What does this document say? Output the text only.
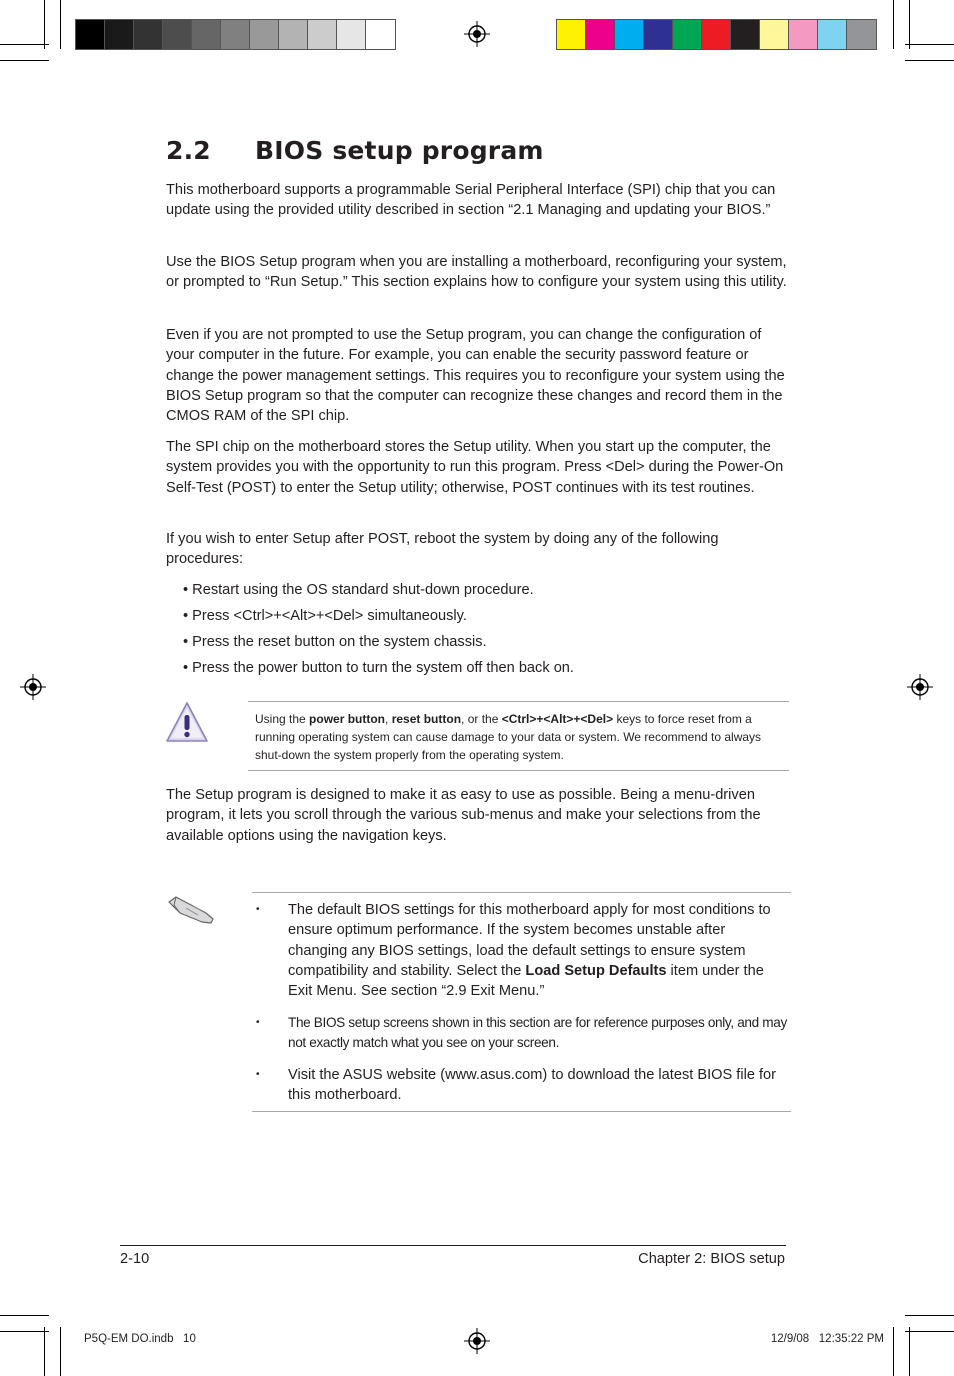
2.2 BIOS setup program

This motherboard supports a programmable Serial Peripheral Interface (SPI) chip that you can update using the provided utility described in section “2.1 Managing and updating your BIOS.”

Use the BIOS Setup program when you are installing a motherboard, reconfiguring your system, or prompted to “Run Setup.” This section explains how to configure your system using this utility.

Even if you are not prompted to use the Setup program, you can change the configuration of your computer in the future. For example, you can enable the security password feature or change the power management settings. This requires you to reconfigure your system using the BIOS Setup program so that the computer can recognize these changes and record them in the CMOS RAM of the SPI chip.

The SPI chip on the motherboard stores the Setup utility. When you start up the computer, the system provides you with the opportunity to run this program. Press <Del> during the Power-On Self-Test (POST) to enter the Setup utility; otherwise, POST continues with its test routines.

If you wish to enter Setup after POST, reboot the system by doing any of the following procedures:

• Restart using the OS standard shut-down procedure.
• Press <Ctrl>+<Alt>+<Del> simultaneously.
• Press the reset button on the system chassis.
• Press the power button to turn the system off then back on.

Using the power button, reset button, or the <Ctrl>+<Alt>+<Del> keys to force reset from a running operating system can cause damage to your data or system. We recommend to always shut-down the system properly from the operating system.

The Setup program is designed to make it as easy to use as possible. Being a menu-driven program, it lets you scroll through the various sub-menus and make your selections from the available options using the navigation keys.

• The default BIOS settings for this motherboard apply for most conditions to ensure optimum performance. If the system becomes unstable after changing any BIOS settings, load the default settings to ensure system compatibility and stability. Select the Load Setup Defaults item under the Exit Menu. See section “2.9 Exit Menu.”

• The BIOS setup screens shown in this section are for reference purposes only, and may not exactly match what you see on your screen.

• Visit the ASUS website (www.asus.com) to download the latest BIOS file for this motherboard.

2-10	Chapter 2: BIOS setup
P5Q-EM DO.indb   10	12/9/08   12:35:22 PM
